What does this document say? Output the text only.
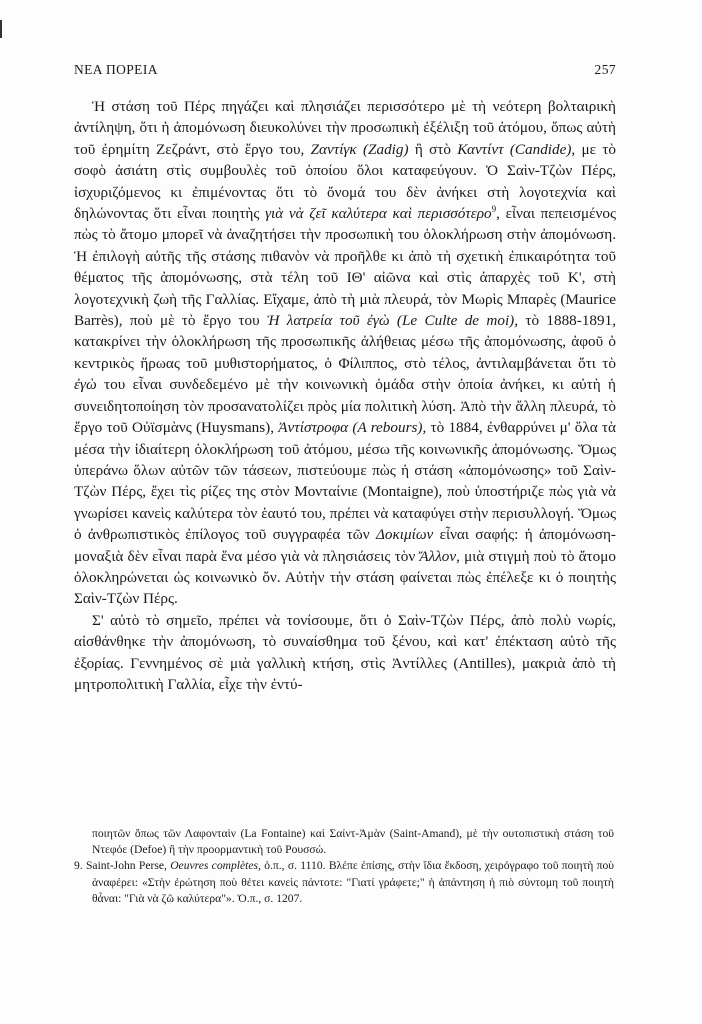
ΝΕΑ ΠΟΡΕΙΑ	257

Ἡ στάση τοῦ Πέρς πηγάζει καὶ πλησιάζει περισσότερο μὲ τὴ νεότερη βολταιρικὴ ἀντίληψη, ὅτι ἡ ἀπομόνωση διευκολύνει τὴν προσωπικὴ ἐξέλιξη τοῦ ἀτόμου, ὅπως αὐτὴ τοῦ ἐρημίτη Ζεζράντ, στὸ ἔργο του, Ζαντίγκ (Zadig) ἢ στὸ Καντίντ (Candide), με τὸ σοφὸ ἀσιάτη στὶς συμβουλὲς τοῦ ὁποίου ὅλοι καταφεύγουν. Ὁ Σαὶν-Τζὼν Πέρς, ἰσχυριζόμενος κι ἐπιμένοντας ὅτι τὸ ὄνομά του δὲν ἀνήκει στὴ λογοτεχνία καὶ δηλώνοντας ὅτι εἶναι ποιητὴς γιὰ νὰ ζεῖ καλύτερα καὶ περισσότερο$^9$, εἶναι πεπεισμένος πὼς τὸ ἄτομο μπορεῖ νὰ ἀναζητήσει τὴν προσωπικὴ του ὁλοκλήρωση στὴν ἀπομόνωση. Ἡ ἐπιλογὴ αὐτῆς τῆς στάσης πιθανὸν νὰ προῆλθε κι ἀπὸ τὴ σχετικὴ ἐπικαιρότητα τοῦ θέματος τῆς ἀπομόνωσης, στὰ τέλη τοῦ ΙΘ' αἰῶνα καὶ στὶς ἀπαρχὲς τοῦ Κ', στὴ λογοτεχνικὴ ζωὴ τῆς Γαλλίας. Εἴχαμε, ἀπὸ τὴ μιὰ πλευρά, τὸν Μωρὶς Μπαρὲς (Maurice Barrès), ποὺ μὲ τὸ ἔργο του Ἡ λατρεία τοῦ ἐγὼ (Le Culte de moi), τὸ 1888-1891, κατακρίνει τὴν ὁλοκλήρωση τῆς προσωπικῆς ἀλήθειας μέσω τῆς ἀπομόνωσης, ἀφοῦ ὁ κεντρικὸς ἥρωας τοῦ μυθιστορήματος, ὁ Φίλιππος, στὸ τέλος, ἀντιλαμβάνεται ὅτι τὸ ἐγὼ του εἶναι συνδεδεμένο μὲ τὴν κοινωνικὴ ὁμάδα στὴν ὁποία ἀνήκει, κι αὐτὴ ἡ συνειδητοποίηση τὸν προσανατολίζει πρὸς μία πολιτικὴ λύση. Ἀπὸ τὴν ἄλλη πλευρά, τὸ ἔργο τοῦ Οὐϊσμὰνς (Huysmans), Ἀντίστροφα (A rebours), τὸ 1884, ἐνθαρρύνει μ' ὅλα τὰ μέσα τὴν ἰδιαίτερη ὁλοκλήρωση τοῦ ἀτόμου, μέσω τῆς κοινωνικῆς ἀπομόνωσης. Ὅμως ὑπεράνω ὅλων αὐτῶν τῶν τάσεων, πιστεύουμε πὼς ἡ στάση «ἀπομόνωσης» τοῦ Σαὶν-Τζὼν Πέρς, ἔχει τὶς ρίζες της στὸν Μονταίνιε (Montaigne), ποὺ ὑποστήριζε πὼς γιὰ νὰ γνωρίσει κανεὶς καλύτερα τὸν ἑαυτό του, πρέπει νὰ καταφύγει στὴν περισυλλογή. Ὅμως ὁ ἀνθρωπιστικὸς ἐπίλογος τοῦ συγγραφέα τῶν Δοκιμίων εἶναι σαφής: ἡ ἀπομόνωση-μοναξιὰ δὲν εἶναι παρὰ ἕνα μέσο γιὰ νὰ πλησιάσεις τὸν Ἄλλον, μιὰ στιγμὴ ποὺ τὸ ἄτομο ὁλοκληρώνεται ὡς κοινωνικὸ ὄν. Αὐτὴν τὴν στάση φαίνεται πὼς ἐπέλεξε κι ὁ ποιητὴς Σαὶν-Τζὼν Πέρς.

Σ' αὐτὸ τὸ σημεῖο, πρέπει νὰ τονίσουμε, ὅτι ὁ Σαὶν-Τζὼν Πέρς, ἀπὸ πολὺ νωρίς, αἰσθάνθηκε τὴν ἀπομόνωση, τὸ συναίσθημα τοῦ ξένου, καὶ κατ' ἐπέκταση αὐτὸ τῆς ἐξορίας. Γεννημένος σὲ μιὰ γαλλικὴ κτήση, στὶς Ἀντίλλες (Antilles), μακριὰ ἀπὸ τὴ μητροπολιτικὴ Γαλλία, εἶχε τὴν ἐντύ-

ποιητῶν ὅπως τῶν Λαφονταὶν (La Fontaine) καὶ Σαίντ-Ἀμὰν (Saint-Amand), μὲ τὴν ουτοπιστικὴ στάση τοῦ Ντεφόε (Defoe) ἢ τὴν προορμαντικὴ τοῦ Ρουσσώ.

9. Saint-John Perse, Oeuvres complètes, ὁ.π., σ. 1110. Βλέπε ἐπίσης, στὴν ἴδια ἔκδοση, χειρόγραφο τοῦ ποιητὴ ποὺ ἀναφέρει: «Στὴν ἐρώτηση ποὺ θέτει κανεὶς πάντοτε: "Γιατί γράφετε;" ἡ ἀπάντηση ἡ πιὸ σύντομη τοῦ ποιητὴ θἆναι: "Γιὰ νὰ ζῶ καλύτερα"». Ὁ.π., σ. 1207.
